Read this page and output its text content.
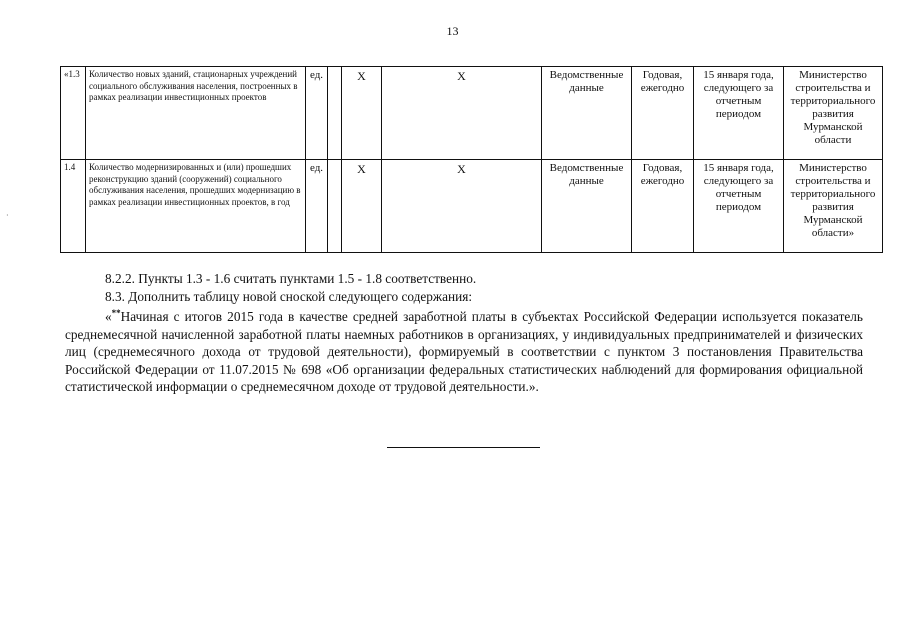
·
13
«1.3	Количество новых зданий, стационарных учреждений социального обслуживания населения, построенных в рамках реализации инвестиционных проектов	ед.		X	X	Ведомственные данные	Годовая, ежегодно	15 января года, следующего за отчетным периодом	Министерство строительства и территориального развития Мурманской области
1.4	Количество модернизированных и (или) прошедших реконструкцию зданий (сооружений) социального обслуживания населения, прошедших модернизацию в рамках реализации инвестиционных проектов, в год	ед.		X	X	Ведомственные данные	Годовая, ежегодно	15 января года, следующего за отчетным периодом	Министерство строительства и территориального развития Мурманской области»

8.2.2. Пункты 1.3 - 1.6 считать пунктами 1.5 - 1.8 соответственно.

8.3. Дополнить таблицу новой сноской следующего содержания:

«**Начиная с итогов 2015 года в качестве средней заработной платы в субъектах Российской Федерации используется показатель среднемесячной начисленной заработной платы наемных работников в организациях, у индивидуальных предпринимателей и физических лиц (среднемесячного дохода от трудовой деятельности), формируемый в соответствии с пунктом 3 постановления Правительства Российской Федерации от 11.07.2015 № 698 «Об организации федеральных статистических наблюдений для формирования официальной статистической информации о среднемесячном доходе от трудовой деятельности.».
